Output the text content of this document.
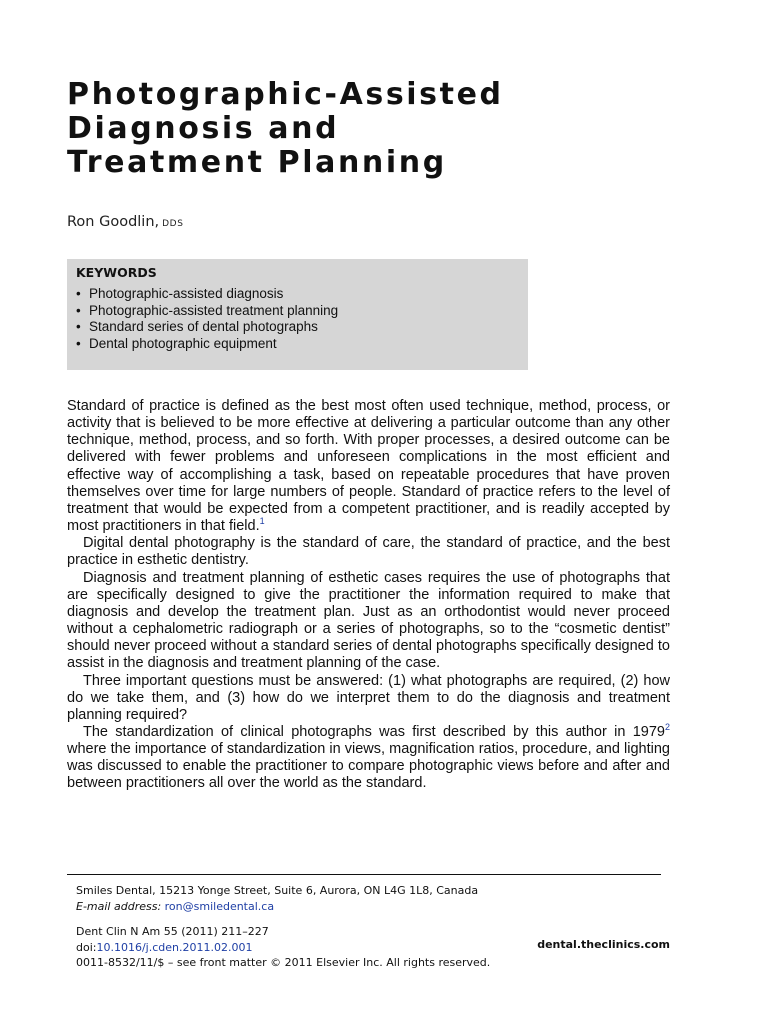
Photographic-Assisted
Diagnosis and
Treatment Planning
Ron Goodlin, DDS
KEYWORDS
• Photographic-assisted diagnosis
• Photographic-assisted treatment planning
• Standard series of dental photographs
• Dental photographic equipment

Standard of practice is defined as the best most often used technique, method, process, or activity that is believed to be more effective at delivering a particular outcome than any other technique, method, process, and so forth. With proper processes, a desired outcome can be delivered with fewer problems and unforeseen complications in the most efficient and effective way of accomplishing a task, based on repeatable procedures that have proven themselves over time for large numbers of people. Standard of practice refers to the level of treatment that would be expected from a competent practitioner, and is readily accepted by most practitioners in that field.$^1$

Digital dental photography is the standard of care, the standard of practice, and the best practice in esthetic dentistry.

Diagnosis and treatment planning of esthetic cases requires the use of photographs that are specifically designed to give the practitioner the information required to make that diagnosis and develop the treatment plan. Just as an orthodontist would never proceed without a cephalometric radiograph or a series of photographs, so to the “cosmetic dentist” should never proceed without a standard series of dental photographs specifically designed to assist in the diagnosis and treatment planning of the case.

Three important questions must be answered: (1) what photographs are required, (2) how do we take them, and (3) how do we interpret them to do the diagnosis and treatment planning required?

The standardization of clinical photographs was first described by this author in 1979$^2$ where the importance of standardization in views, magnification ratios, procedure, and lighting was discussed to enable the practitioner to compare photographic views before and after and between practitioners all over the world as the standard.

Smiles Dental, 15213 Yonge Street, Suite 6, Aurora, ON L4G 1L8, Canada
E-mail address: ron@smiledental.ca
Dent Clin N Am 55 (2011) 211–227
doi:10.1016/j.cden.2011.02.001
0011-8532/11/$ – see front matter © 2011 Elsevier Inc. All rights reserved.
dental.theclinics.com
